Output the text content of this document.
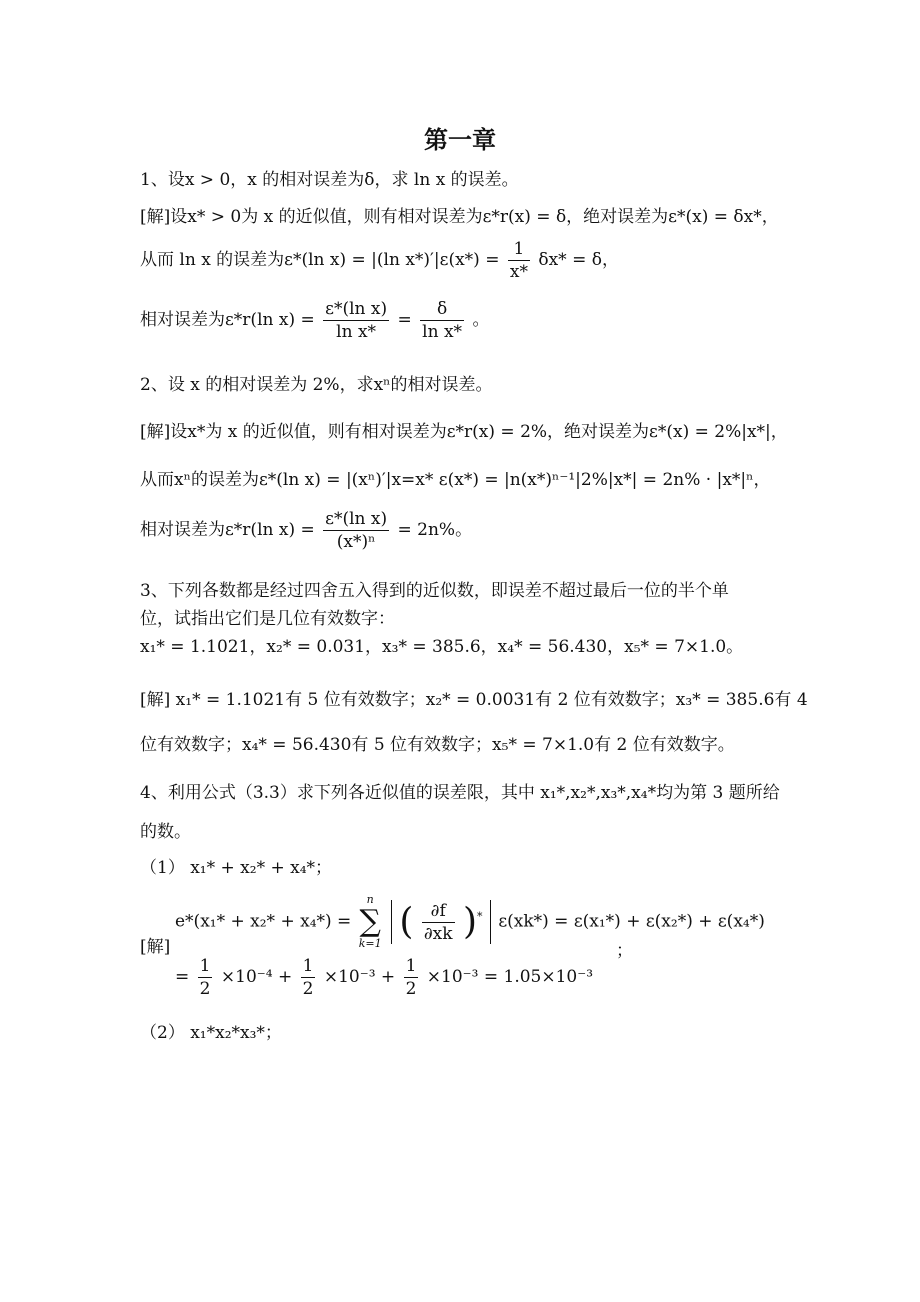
第一章
1、设x > 0，x 的相对误差为δ，求 ln x 的误差。
[解]设x* > 0为 x 的近似值，则有相对误差为ε*r(x) = δ，绝对误差为ε*(x) = δx*，
从而 ln x 的误差为ε*(ln x) = |(ln $x*)'|\varepsilon(x*) = \frac{1}{x*} \delta x* = \delta$，
相对误差为ε*r(ln $x) = \frac{\text{ε*(ln x)}}{\text{ln x*}} = \frac{\delta}{\text{ln x*}}$ 。
2、设 x 的相对误差为 2%，求xⁿ的相对误差。
[解]设x*为 x 的近似值，则有相对误差为ε*r(x) = 2%，绝对误差为ε*(x) = 2%|x*|，
从而xⁿ的误差为ε*(ln x) = |(xⁿ)′|x=x* ε(x*) = |n(x*)ⁿ⁻¹|2%|x*| = 2n% · |x*|ⁿ，
相对误差为ε*r(ln $x) = \frac{\text{ε*(ln x)}}{\text{(x*)ⁿ}} = 2n\%$。
3、下列各数都是经过四舍五入得到的近似数，即误差不超过最后一位的半个单
位，试指出它们是几位有效数字：
x₁* = 1.1021，x₂* = 0.031，x₃* = 385.6，x₄* = 56.430，x₅* = 7×1.0。
[解] x₁* = 1.1021有 5 位有效数字；x₂* = 0.0031有 2 位有效数字；x₃* = 385.6有 4
位有效数字；x₄* = 56.430有 5 位有效数字；x₅* = 7×1.0有 2 位有效数字。
4、利用公式（3.3）求下列各近似值的误差限，其中 x₁*,x₂*,x₃*,x₄*均为第 3 题所给
的数。
（1） x₁* + x₂* + x₄*；
e*(x₁* + x₂* + x₄*) =
n
∑
k=1
( $\frac{\partial f}{\partial xk} )^*$ ε(xk*) = ε(x₁*) + ε(x₂*) + ε(x₄*)
[解]	；
= $\frac{1}{2} \times 10^{-4} + \frac{1}{2} \times 10^{-3} + \frac{1}{2} \times 10^{-3} = 1.05\times 10^{-3}$
（2） x₁*x₂*x₃*；
